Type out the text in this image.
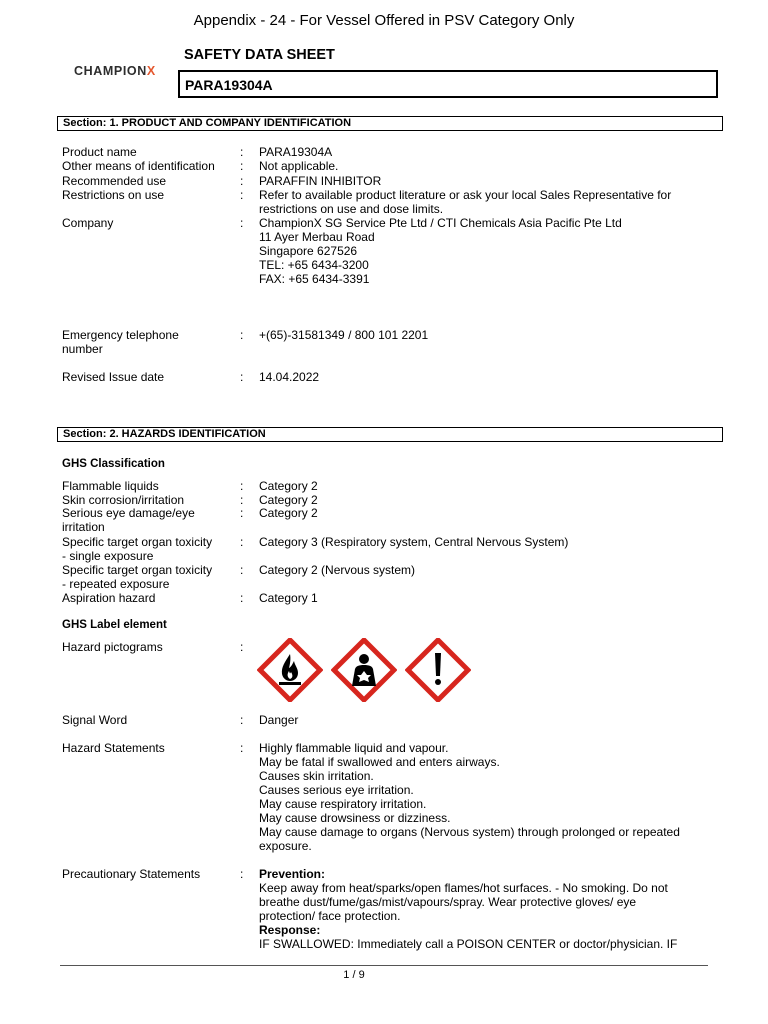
Appendix - 24 - For Vessel Offered in PSV Category Only
CHAMPIONX
SAFETY DATA SHEET
PARA19304A
Section: 1. PRODUCT AND COMPANY IDENTIFICATION
Product name	: PARA19304A
Other means of identification	: Not applicable.
Recommended use	: PARAFFIN INHIBITOR
Restrictions on use	: Refer to available product literature or ask your local Sales Representative for
restrictions on use and dose limits.
Company	: ChampionX SG Service Pte Ltd / CTI Chemicals Asia Pacific Pte Ltd
11 Ayer Merbau Road
Singapore 627526
TEL: +65 6434-3200
FAX: +65 6434-3391
Emergency telephone
number
: +(65)-31581349 / 800 101 2201
Revised Issue date	: 14.04.2022
Section: 2. HAZARDS IDENTIFICATION
GHS Classification
Flammable liquids	: Category 2
Skin corrosion/irritation	: Category 2
Serious eye damage/eye
irritation
: Category 2
Specific target organ toxicity
- single exposure
: Category 3 (Respiratory system, Central Nervous System)
Specific target organ toxicity
- repeated exposure
: Category 2 (Nervous system)
Aspiration hazard	: Category 1
GHS Label element
Hazard pictograms	:
Signal Word	: Danger
Hazard Statements	: Highly flammable liquid and vapour.
May be fatal if swallowed and enters airways.
Causes skin irritation.
Causes serious eye irritation.
May cause respiratory irritation.
May cause drowsiness or dizziness.
May cause damage to organs (Nervous system) through prolonged or repeated
exposure.
Precautionary Statements	: Prevention:
Keep away from heat/sparks/open flames/hot surfaces. - No smoking. Do not
breathe dust/fume/gas/mist/vapours/spray. Wear protective gloves/ eye
protection/ face protection.
Response:
IF SWALLOWED: Immediately call a POISON CENTER or doctor/physician. IF
1 / 9
